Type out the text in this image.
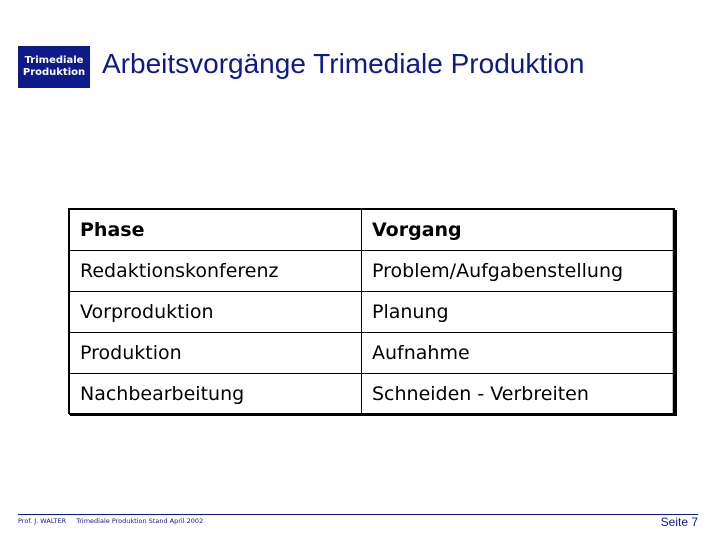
Trimediale
Produktion Arbeitsvorgänge Trimediale Produktion
Phase	Vorgang
Redaktionskonferenz	Problem/Aufgabenstellung
Vorproduktion	Planung
Produktion	Aufnahme
Nachbearbeitung	Schneiden - Verbreiten
Prof. J. WALTER Trimediale Produktion Stand April 2002	Seite 7
